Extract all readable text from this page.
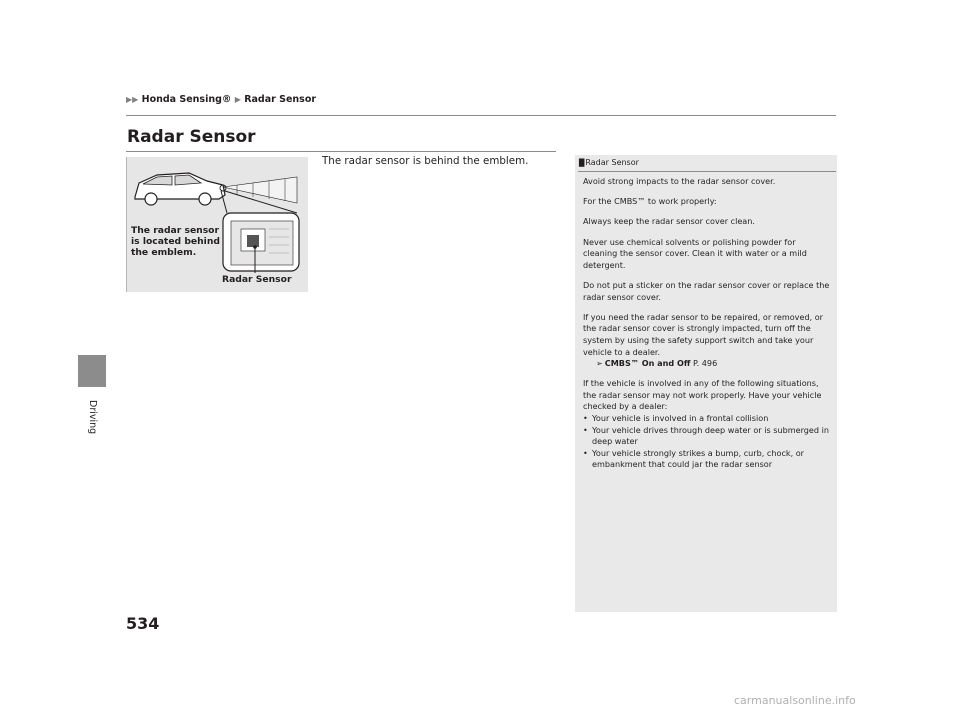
▶▶ Honda Sensing® ▶ Radar Sensor
Radar Sensor
Driving
The radar sensor
is located behind
the emblem.
Radar Sensor
The radar sensor is behind the emblem.	█Radar Sensor

Avoid strong impacts to the radar sensor cover.

For the CMBS™ to work properly:

Always keep the radar sensor cover clean.

Never use chemical solvents or polishing powder for cleaning the sensor cover. Clean it with water or a mild detergent.

Do not put a sticker on the radar sensor cover or replace the radar sensor cover.

If you need the radar sensor to be repaired, or removed, or the radar sensor cover is strongly impacted, turn off the system by using the safety support switch and take your vehicle to a dealer.

➢ CMBS™ On and Off P. 496

If the vehicle is involved in any of the following situations, the radar sensor may not work properly. Have your vehicle checked by a dealer:

• Your vehicle is involved in a frontal collision
• Your vehicle drives through deep water or is submerged in deep water
• Your vehicle strongly strikes a bump, curb, chock, or embankment that could jar the radar sensor
534
carmanualsonline.info
